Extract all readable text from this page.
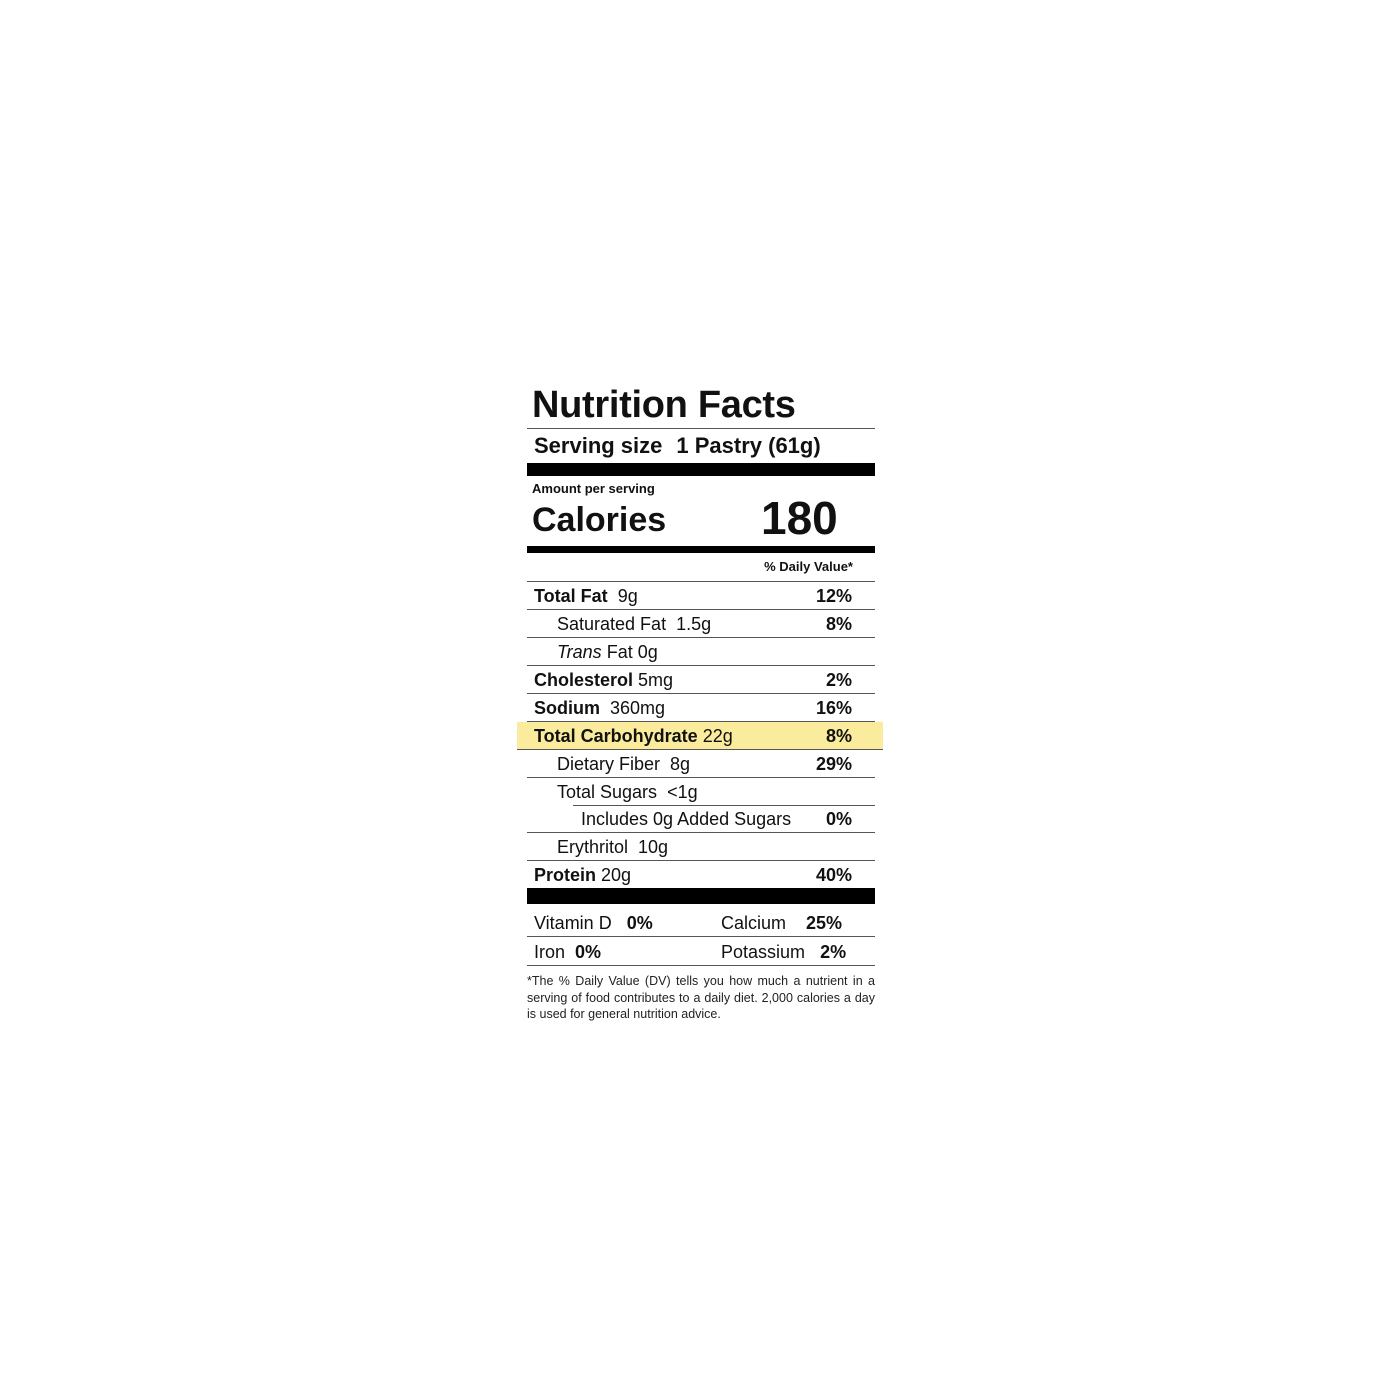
Nutrition Facts
Serving size 1 Pastry (61g)
Amount per serving
Calories 180
% Daily Value*
Total Fat 9g	12%
Saturated Fat 1.5g	8%
Trans Fat 0g
Cholesterol 5mg	2%
Sodium 360mg	16%
Total Carbohydrate 22g	8%
Dietary Fiber 8g	29%
Total Sugars <1g
Includes 0g Added Sugars 0%
Erythritol 10g
Protein 20g	40%
Vitamin D 0%	Calcium 25%
Iron 0%	Potassium 2%
*The % Daily Value (DV) tells you how much a nutrient in a serving of food contributes to a daily diet. 2,000 calories a day is used for general nutrition advice.
